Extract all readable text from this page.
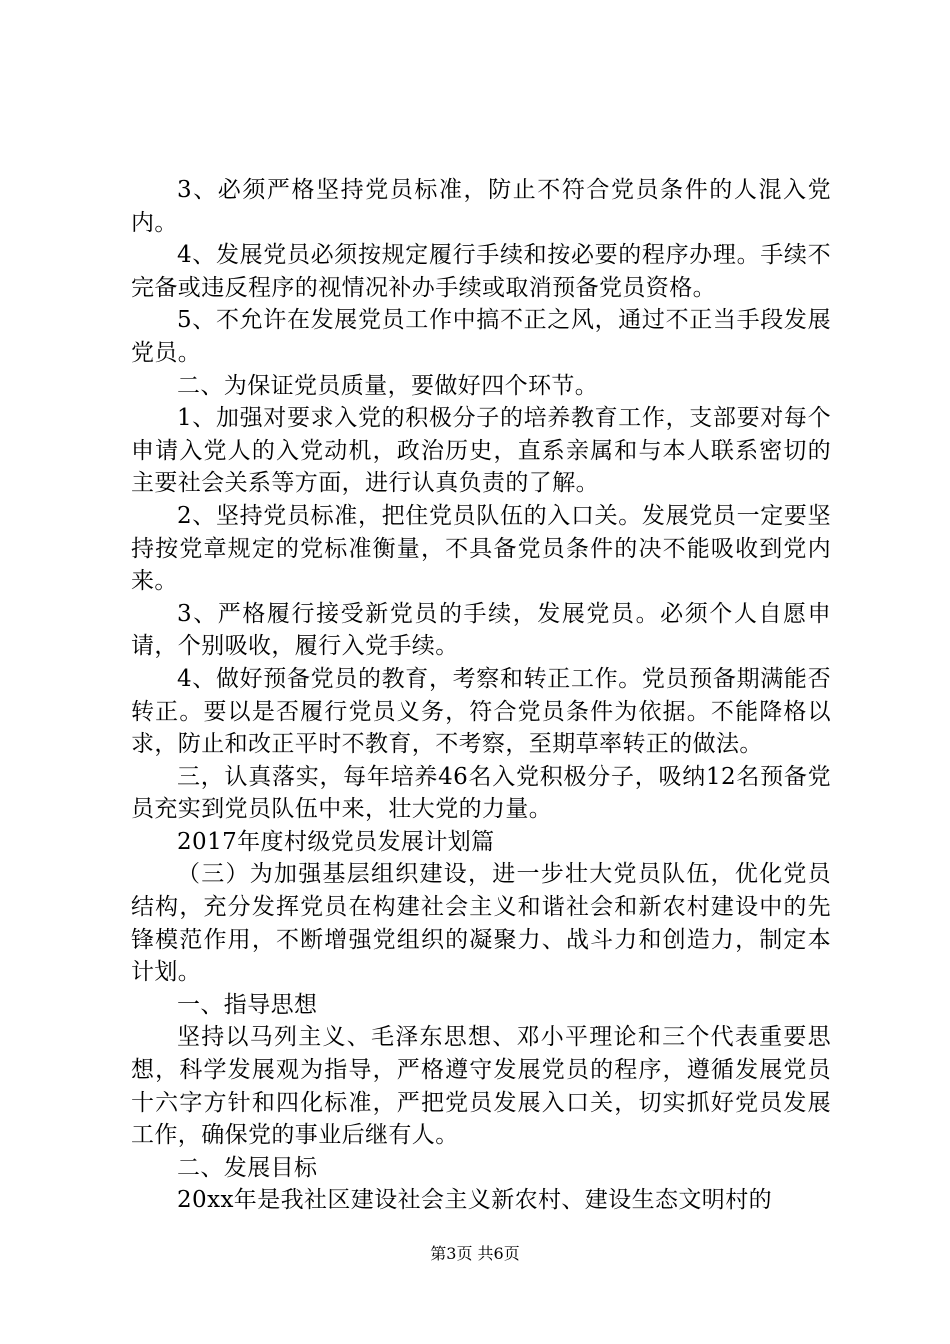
3、必须严格坚持党员标准，防止不符合党员条件的人混入党内。

4、发展党员必须按规定履行手续和按必要的程序办理。手续不完备或违反程序的视情况补办手续或取消预备党员资格。

5、不允许在发展党员工作中搞不正之风，通过不正当手段发展党员。

二、为保证党员质量，要做好四个环节。

1、加强对要求入党的积极分子的培养教育工作，支部要对每个申请入党人的入党动机，政治历史，直系亲属和与本人联系密切的主要社会关系等方面，进行认真负责的了解。

2、坚持党员标准，把住党员队伍的入口关。发展党员一定要坚持按党章规定的党标准衡量，不具备党员条件的决不能吸收到党内来。

3、严格履行接受新党员的手续，发展党员。必须个人自愿申请，个别吸收，履行入党手续。

4、做好预备党员的教育，考察和转正工作。党员预备期满能否转正。要以是否履行党员义务，符合党员条件为依据。不能降格以求，防止和改正平时不教育，不考察，至期草率转正的做法。

三，认真落实，每年培养46名入党积极分子，吸纳12名预备党员充实到党员队伍中来，壮大党的力量。

2017年度村级党员发展计划篇

（三）为加强基层组织建设，进一步壮大党员队伍，优化党员结构，充分发挥党员在构建社会主义和谐社会和新农村建设中的先锋模范作用，不断增强党组织的凝聚力、战斗力和创造力，制定本计划。

一、指导思想

坚持以马列主义、毛泽东思想、邓小平理论和三个代表重要思想，科学发展观为指导，严格遵守发展党员的程序，遵循发展党员十六字方针和四化标准，严把党员发展入口关，切实抓好党员发展工作，确保党的事业后继有人。

二、发展目标

20xx年是我社区建设社会主义新农村、建设生态文明村的

第3页 共6页
